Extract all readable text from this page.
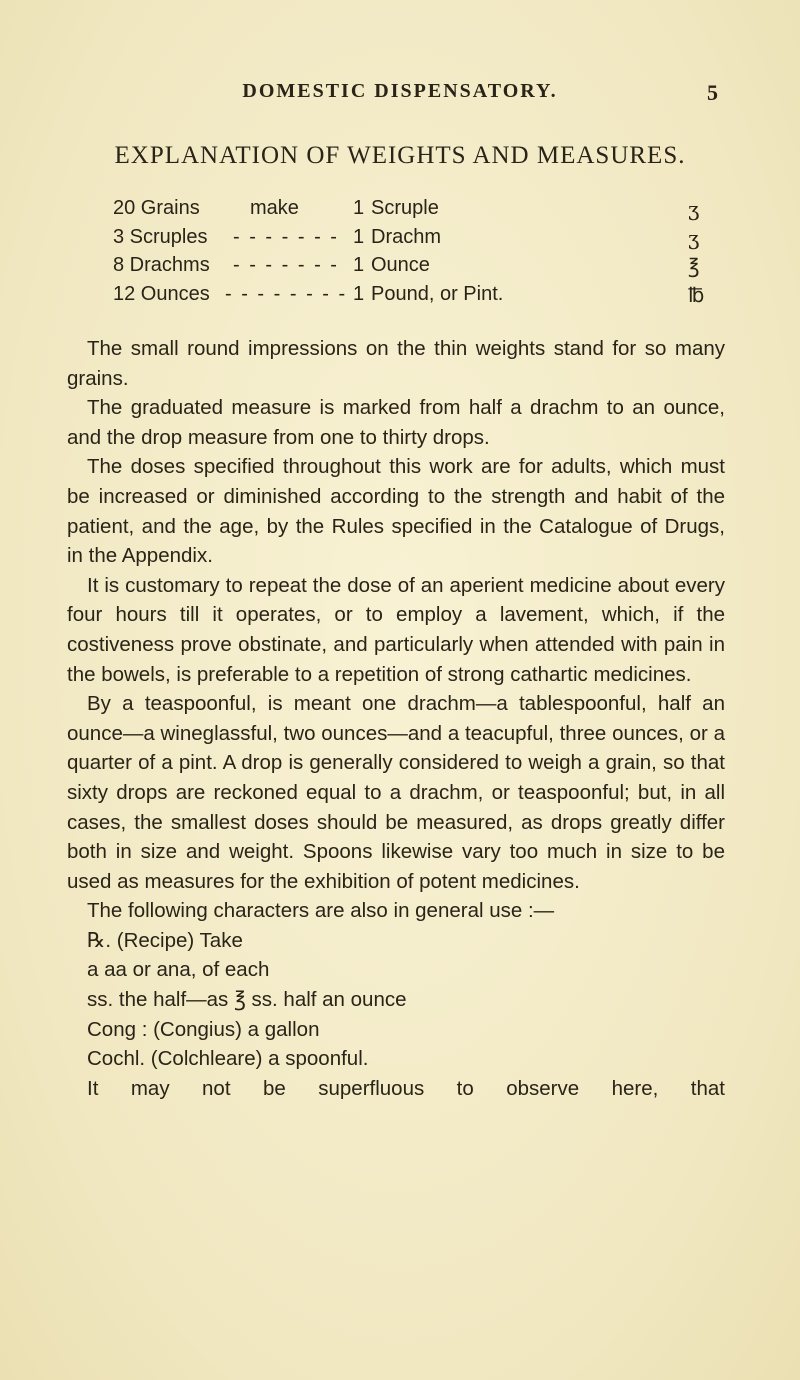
DOMESTIC DISPENSATORY.	5
EXPLANATION OF WEIGHTS AND MEASURES.
20 Grains	make	1 Scruple	ʒ
3 Scruples - - - - - - - 1 Drachm	ʒ
8 Drachms - - - - - - - 1 Ounce	℥
12 Ounces - - - - - - - - 1 Pound, or Pint.	℔

The small round impressions on the thin weights stand for so many grains.

The graduated measure is marked from half a drachm to an ounce, and the drop measure from one to thirty drops.

The doses specified throughout this work are for adults, which must be increased or diminished according to the strength and habit of the patient, and the age, by the Rules specified in the Catalogue of Drugs, in the Appendix.

It is customary to repeat the dose of an aperient medicine about every four hours till it operates, or to employ a lavement, which, if the costiveness prove obstinate, and particularly when attended with pain in the bowels, is preferable to a repetition of strong cathartic medicines.

By a teaspoonful, is meant one drachm—a tablespoonful, half an ounce—a wineglassful, two ounces—and a teacupful, three ounces, or a quarter of a pint. A drop is generally considered to weigh a grain, so that sixty drops are reckoned equal to a drachm, or teaspoonful; but, in all cases, the smallest doses should be measured, as drops greatly differ both in size and weight. Spoons likewise vary too much in size to be used as measures for the exhibition of potent medicines.

The following characters are also in general use :—

℞. (Recipe) Take

a aa or ana, of each

ss. the half—as ℥ ss. half an ounce

Cong : (Congius) a gallon

Cochl. (Colchleare) a spoonful.

It may not be superfluous to observe here, that
